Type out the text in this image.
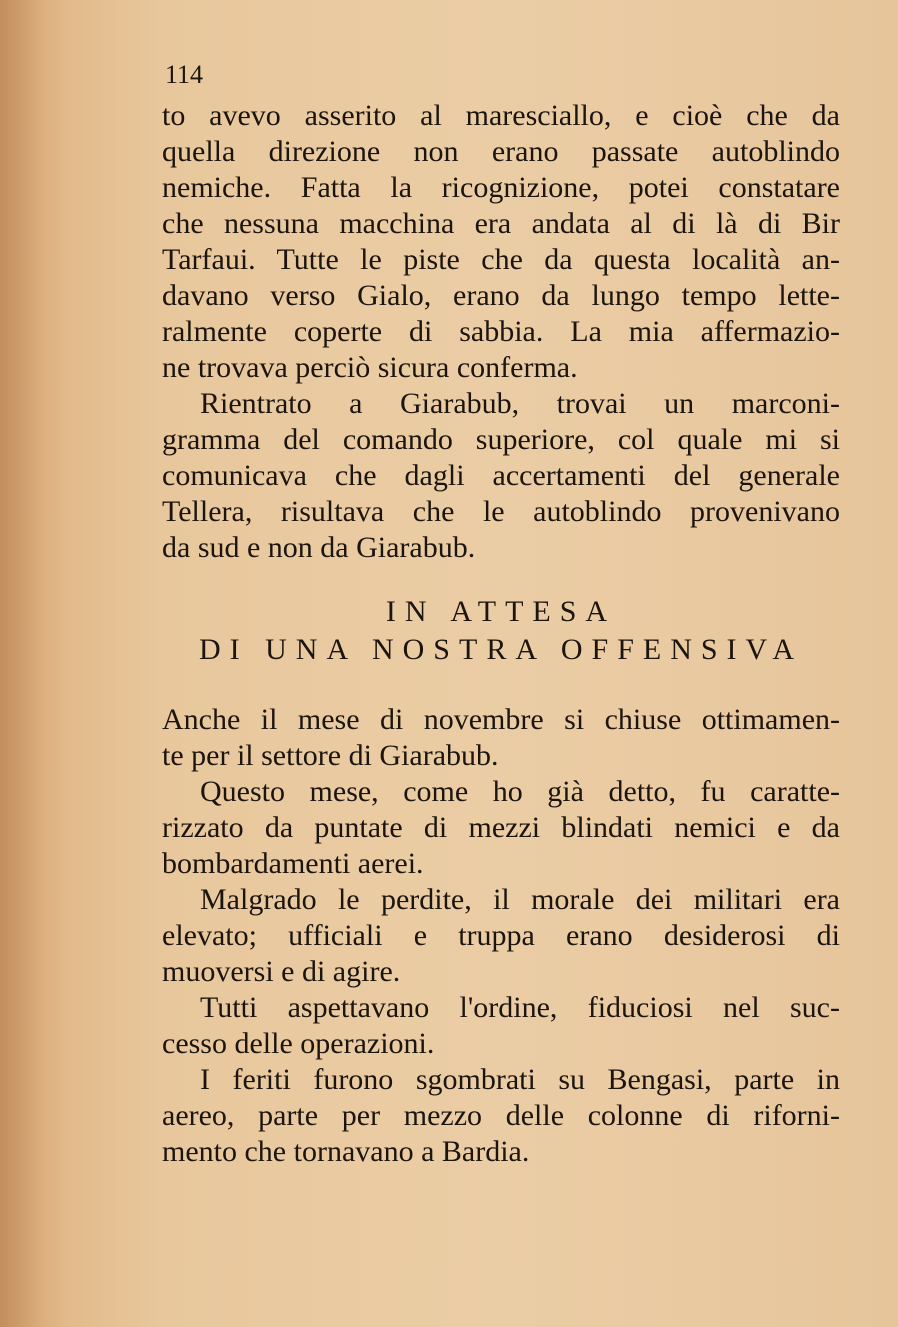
114
to avevo asserito al maresciallo, e cioè che da
quella direzione non erano passate autoblindo
nemiche. Fatta la ricognizione, potei constatare
che nessuna macchina era andata al di là di Bir
Tarfaui. Tutte le piste che da questa località an-
davano verso Gialo, erano da lungo tempo lette-
ralmente coperte di sabbia. La mia affermazio-
ne trovava perciò sicura conferma.
Rientrato a Giarabub, trovai un marconi-
gramma del comando superiore, col quale mi si
comunicava che dagli accertamenti del generale
Tellera, risultava che le autoblindo provenivano
da sud e non da Giarabub.
IN ATTESA
DI UNA NOSTRA OFFENSIVA
Anche il mese di novembre si chiuse ottimamen-
te per il settore di Giarabub.
Questo mese, come ho già detto, fu caratte-
rizzato da puntate di mezzi blindati nemici e da
bombardamenti aerei.
Malgrado le perdite, il morale dei militari era
elevato; ufficiali e truppa erano desiderosi di
muoversi e di agire.
Tutti aspettavano l'ordine, fiduciosi nel suc-
cesso delle operazioni.
I feriti furono sgombrati su Bengasi, parte in
aereo, parte per mezzo delle colonne di riforni-
mento che tornavano a Bardia.
